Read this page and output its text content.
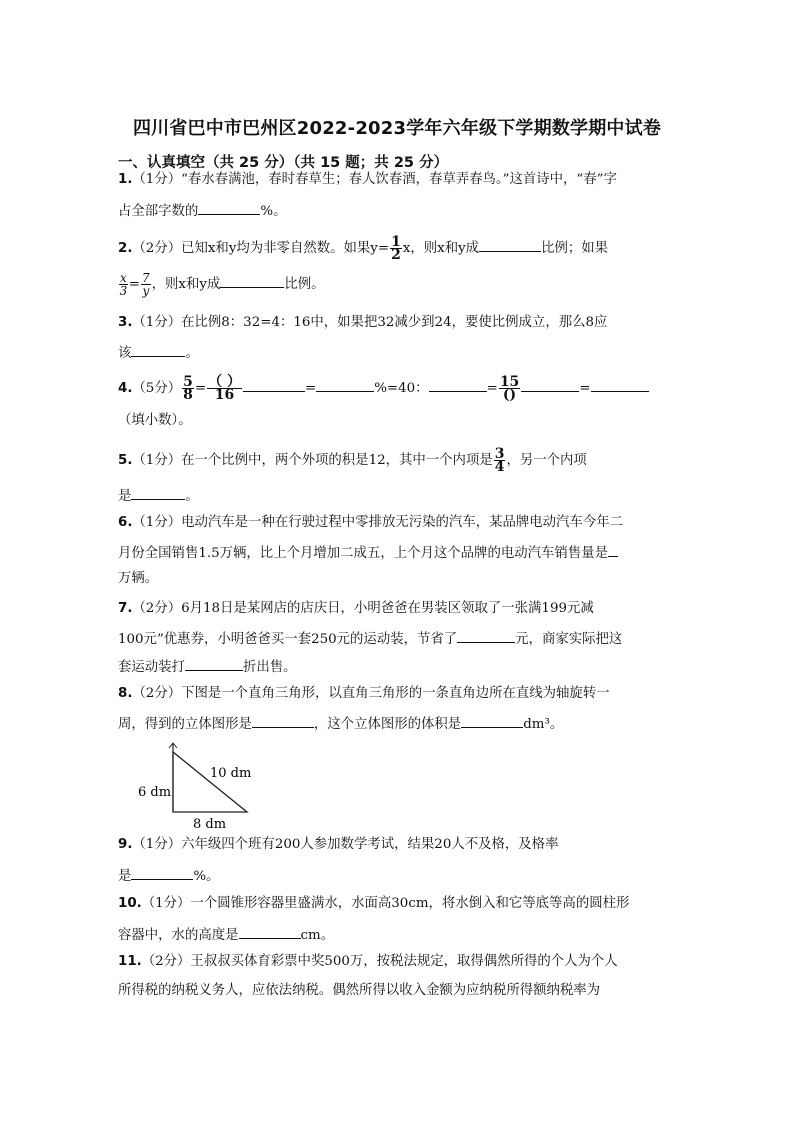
四川省巴中市巴州区2022-2023学年六年级下学期数学期中试卷
一、认真填空（共 25 分）（共 15 题；共 25 分）
1.（1分）“春水春满池，春时春草生；春人饮春酒，春草弄春鸟。”这首诗中，“春”字
占全部字数的	%。
2.（2分）已知x和y均为非零自然数。如果$y= \frac{1}{2}$ x，则x和y成	比例；如果
$\frac{x}{3} = \frac{7}{y}$ ，则x和y成	比例。
3.（1分）在比例8：32=4：16中，如果把32减少到24，要使比例成立，那么8应
该	。
4.（5分） $\frac{5}{8} = \frac{( )}{16}$	=	%=40：	= $\frac{15}{()}$	=
（填小数）。
5.（1分）在一个比例中，两个外项的积是12，其中一个内项是 $\frac{3}{4}$ ，另一个内项
是	。
6.（1分）电动汽车是一种在行驶过程中零排放无污染的汽车，某品牌电动汽车今年二
月份全国销售1.5万辆，比上个月增加二成五，上个月这个品牌的电动汽车销售量是
万辆。
7.（2分）6月18日是某网店的店庆日，小明爸爸在男装区领取了一张满199元减
100元”优惠券，小明爸爸买一套250元的运动装，节省了	元，商家实际把这
套运动装打	折出售。
8.（2分）下图是一个直角三角形，以直角三角形的一条直角边所在直线为轴旋转一
周，得到的立体图形是	，这个立体图形的体积是	dm³。
10 dm
6 dm
8 dm
9.（1分）六年级四个班有200人参加数学考试，结果20人不及格，及格率
是	%。
10.（1分）一个圆锥形容器里盛满水，水面高30cm，将水倒入和它等底等高的圆柱形
容器中，水的高度是	cm。
11.（2分）王叔叔买体育彩票中奖500万，按税法规定，取得偶然所得的个人为个人
所得税的纳税义务人，应依法纳税。偶然所得以收入金额为应纳税所得额纳税率为
